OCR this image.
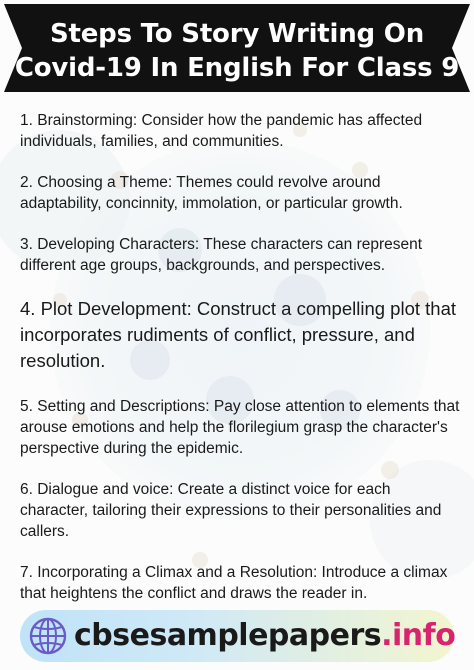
Steps To Story Writing On
Covid-19 In English For Class 9

1. Brainstorming: Consider how the pandemic has affected individuals, families, and communities.

2. Choosing a Theme: Themes could revolve around adaptability, concinnity, immolation, or particular growth.

3. Developing Characters: These characters can represent different age groups, backgrounds, and perspectives.

4. Plot Development: Construct a compelling plot that incorporates rudiments of conflict, pressure, and resolution.

5. Setting and Descriptions: Pay close attention to elements that arouse emotions and help the florilegium grasp the character's perspective during the epidemic.

6. Dialogue and voice: Create a distinct voice for each character, tailoring their expressions to their personalities and callers.

7. Incorporating a Climax and a Resolution: Introduce a climax that heightens the conflict and draws the reader in.

cbsesamplepapers.info
